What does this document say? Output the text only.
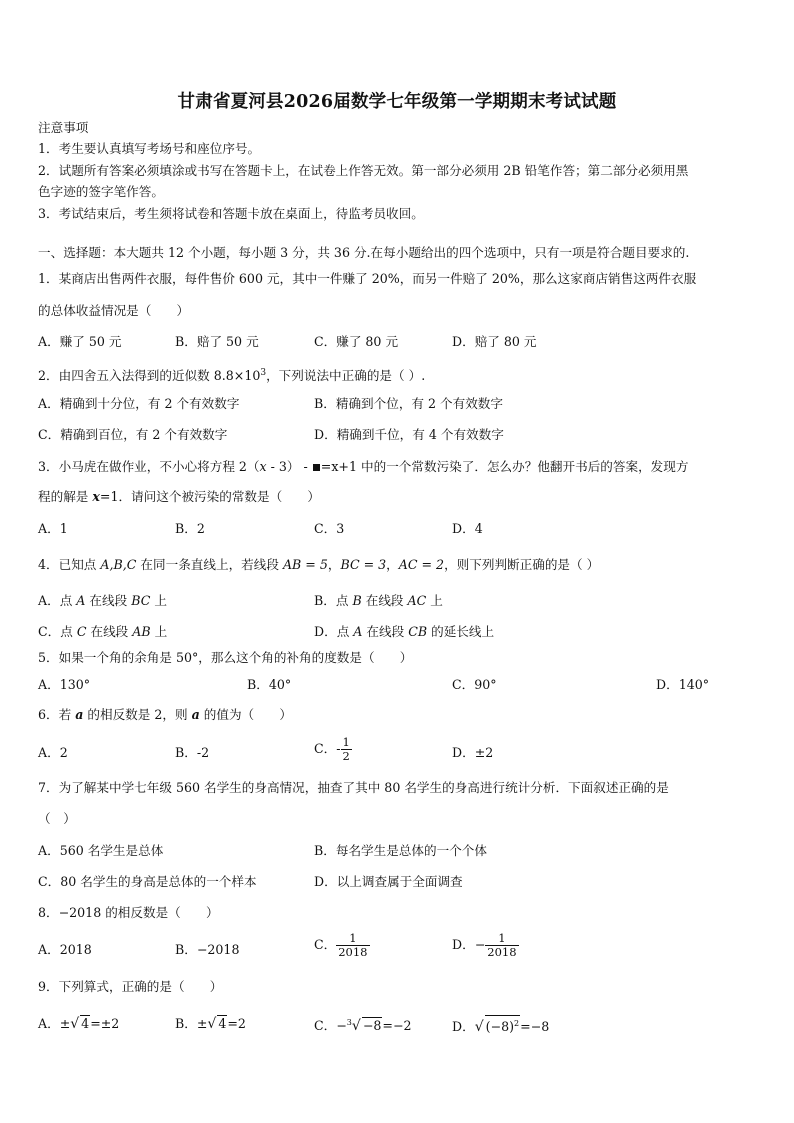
甘肃省夏河县2026届数学七年级第一学期期末考试试题
注意事项
1．考生要认真填写考场号和座位序号。
2．试题所有答案必须填涂或书写在答题卡上，在试卷上作答无效。第一部分必须用 2B 铅笔作答；第二部分必须用黑
色字迹的签字笔作答。
3．考试结束后，考生须将试卷和答题卡放在桌面上，待监考员收回。
一、选择题：本大题共 12 个小题，每小题 3 分，共 36 分.在每小题给出的四个选项中，只有一项是符合题目要求的.
1．某商店出售两件衣服，每件售价 600 元，其中一件赚了 20%，而另一件赔了 20%，那么这家商店销售这两件衣服
的总体收益情况是（　　）
A．赚了 50 元	B．赔了 50 元	C．赚了 80 元	D．赔了 80 元
2．由四舍五入法得到的近似数 $8.8\times 10^3$，下列说法中正确的是（ ）.
A．精确到十分位，有 2 个有效数字	B．精确到个位，有 2 个有效数字
C．精确到百位，有 2 个有效数字	D．精确到千位，有 4 个有效数字
3．小马虎在做作业，不小心将方程 2（x - 3） - =x+1 中的一个常数污染了．怎么办？他翻开书后的答案，发现方
程的解是 x=1．请问这个被污染的常数是（　　）
A．1	B．2	C．3	D．4
4．已知点 A,B,C 在同一条直线上，若线段 AB = 5，BC = 3，AC = 2，则下列判断正确的是（ ）
A．点 A 在线段 BC 上	B．点 B 在线段 AC 上
C．点 C 在线段 AB 上	D．点 A 在线段 CB 的延长线上
5．如果一个角的余角是 50°，那么这个角的补角的度数是（　　）
A．130°	B．40°	C．90°	D．140°
6．若 a 的相反数是 2，则 a 的值为（　　）
A．2	B．-2	C．- $\frac{1}{2}$	D．±2
7．为了解某中学七年级 560 名学生的身高情况，抽查了其中 80 名学生的身高进行统计分析．下面叙述正确的是
（　）
A．560 名学生是总体	B．每名学生是总体的一个个体
C．80 名学生的身高是总体的一个样本	D．以上调查属于全面调查
8．−2018 的相反数是（　　）
A．2018	B．−2018	C． $\frac{1}{2018}$	D．− $\frac{1}{2018}$
9．下列算式，正确的是（　　）
A．±√ 4=±2	B．±√ 4=2	C．−$^3$√ −8=−2	D．√ $(-8)^2=-8$
